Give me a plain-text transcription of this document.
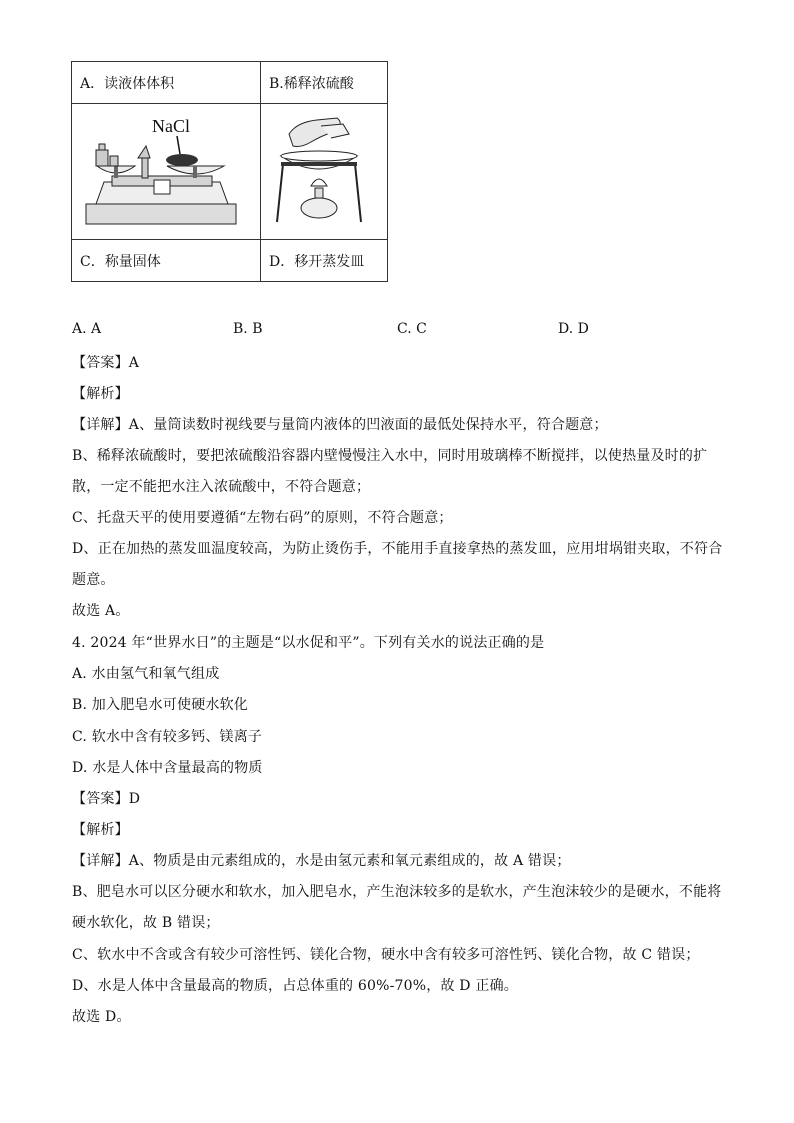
A．读液体体积	B.稀释浓硫酸

NaCl

C．称量固体	D．移开蒸发皿
A. A	B. B	C. C	D. D
【答案】A
【解析】
【详解】A、量筒读数时视线要与量筒内液体的凹液面的最低处保持水平，符合题意；
B、稀释浓硫酸时，要把浓硫酸沿容器内壁慢慢注入水中，同时用玻璃棒不断搅拌，以使热量及时的扩
散，一定不能把水注入浓硫酸中，不符合题意；
C、托盘天平的使用要遵循“左物右码”的原则，不符合题意；
D、正在加热的蒸发皿温度较高，为防止烫伤手，不能用手直接拿热的蒸发皿，应用坩埚钳夹取，不符合
题意。
故选 A。
4. 2024 年“世界水日”的主题是“以水促和平”。下列有关水的说法正确的是
A. 水由氢气和氧气组成
B. 加入肥皂水可使硬水软化
C. 软水中含有较多钙、镁离子
D. 水是人体中含量最高的物质
【答案】D
【解析】
【详解】A、物质是由元素组成的，水是由氢元素和氧元素组成的，故 A 错误；
B、肥皂水可以区分硬水和软水，加入肥皂水，产生泡沫较多的是软水，产生泡沫较少的是硬水，不能将
硬水软化，故 B 错误；
C、软水中不含或含有较少可溶性钙、镁化合物，硬水中含有较多可溶性钙、镁化合物，故 C 错误；
D、水是人体中含量最高的物质，占总体重的 60%-70%，故 D 正确。
故选 D。
